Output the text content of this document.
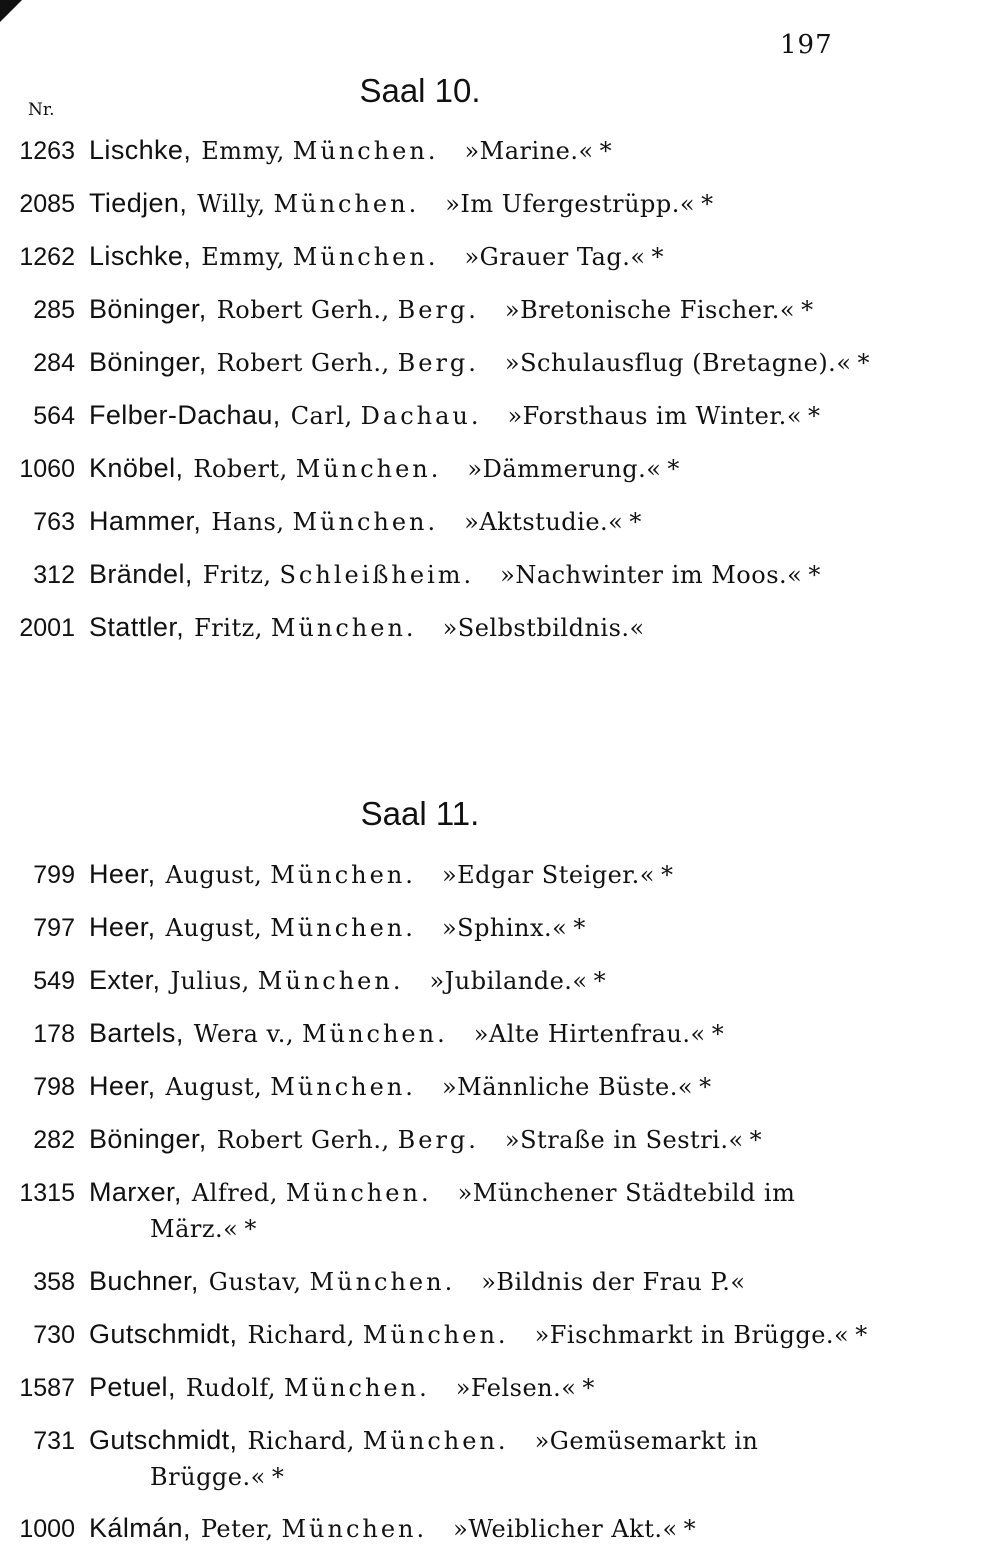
197
Nr.
Saal 10.
1263 Lischke, Emmy, München. »Marine.« *
2085 Tiedjen, Willy, München. »Im Ufergestrüpp.« *
1262 Lischke, Emmy, München. »Grauer Tag.« *
285 Böninger, Robert Gerh., Berg. »Bretonische Fischer.« *
284 Böninger, Robert Gerh., Berg. »Schulausflug (Bretagne).« *
564 Felber-Dachau, Carl, Dachau. »Forsthaus im Winter.« *
1060 Knöbel, Robert, München. »Dämmerung.« *
763 Hammer, Hans, München. »Aktstudie.« *
312 Brändel, Fritz, Schleißheim. »Nachwinter im Moos.« *
2001 Stattler, Fritz, München. »Selbstbildnis.«
Saal 11.
799 Heer, August, München. »Edgar Steiger.« *
797 Heer, August, München. »Sphinx.« *
549 Exter, Julius, München. »Jubilande.« *
178 Bartels, Wera v., München. »Alte Hirtenfrau.« *
798 Heer, August, München. »Männliche Büste.« *
282 Böninger, Robert Gerh., Berg. »Straße in Sestri.« *
1315 Marxer, Alfred, München. »Münchener Städtebild im
März.« *
358 Buchner, Gustav, München. »Bildnis der Frau P.«
730 Gutschmidt, Richard, München. »Fischmarkt in Brügge.« *
1587 Petuel, Rudolf, München. »Felsen.« *
731 Gutschmidt, Richard, München. »Gemüsemarkt in
Brügge.« *
1000 Kálmán, Peter, München. »Weiblicher Akt.« *
